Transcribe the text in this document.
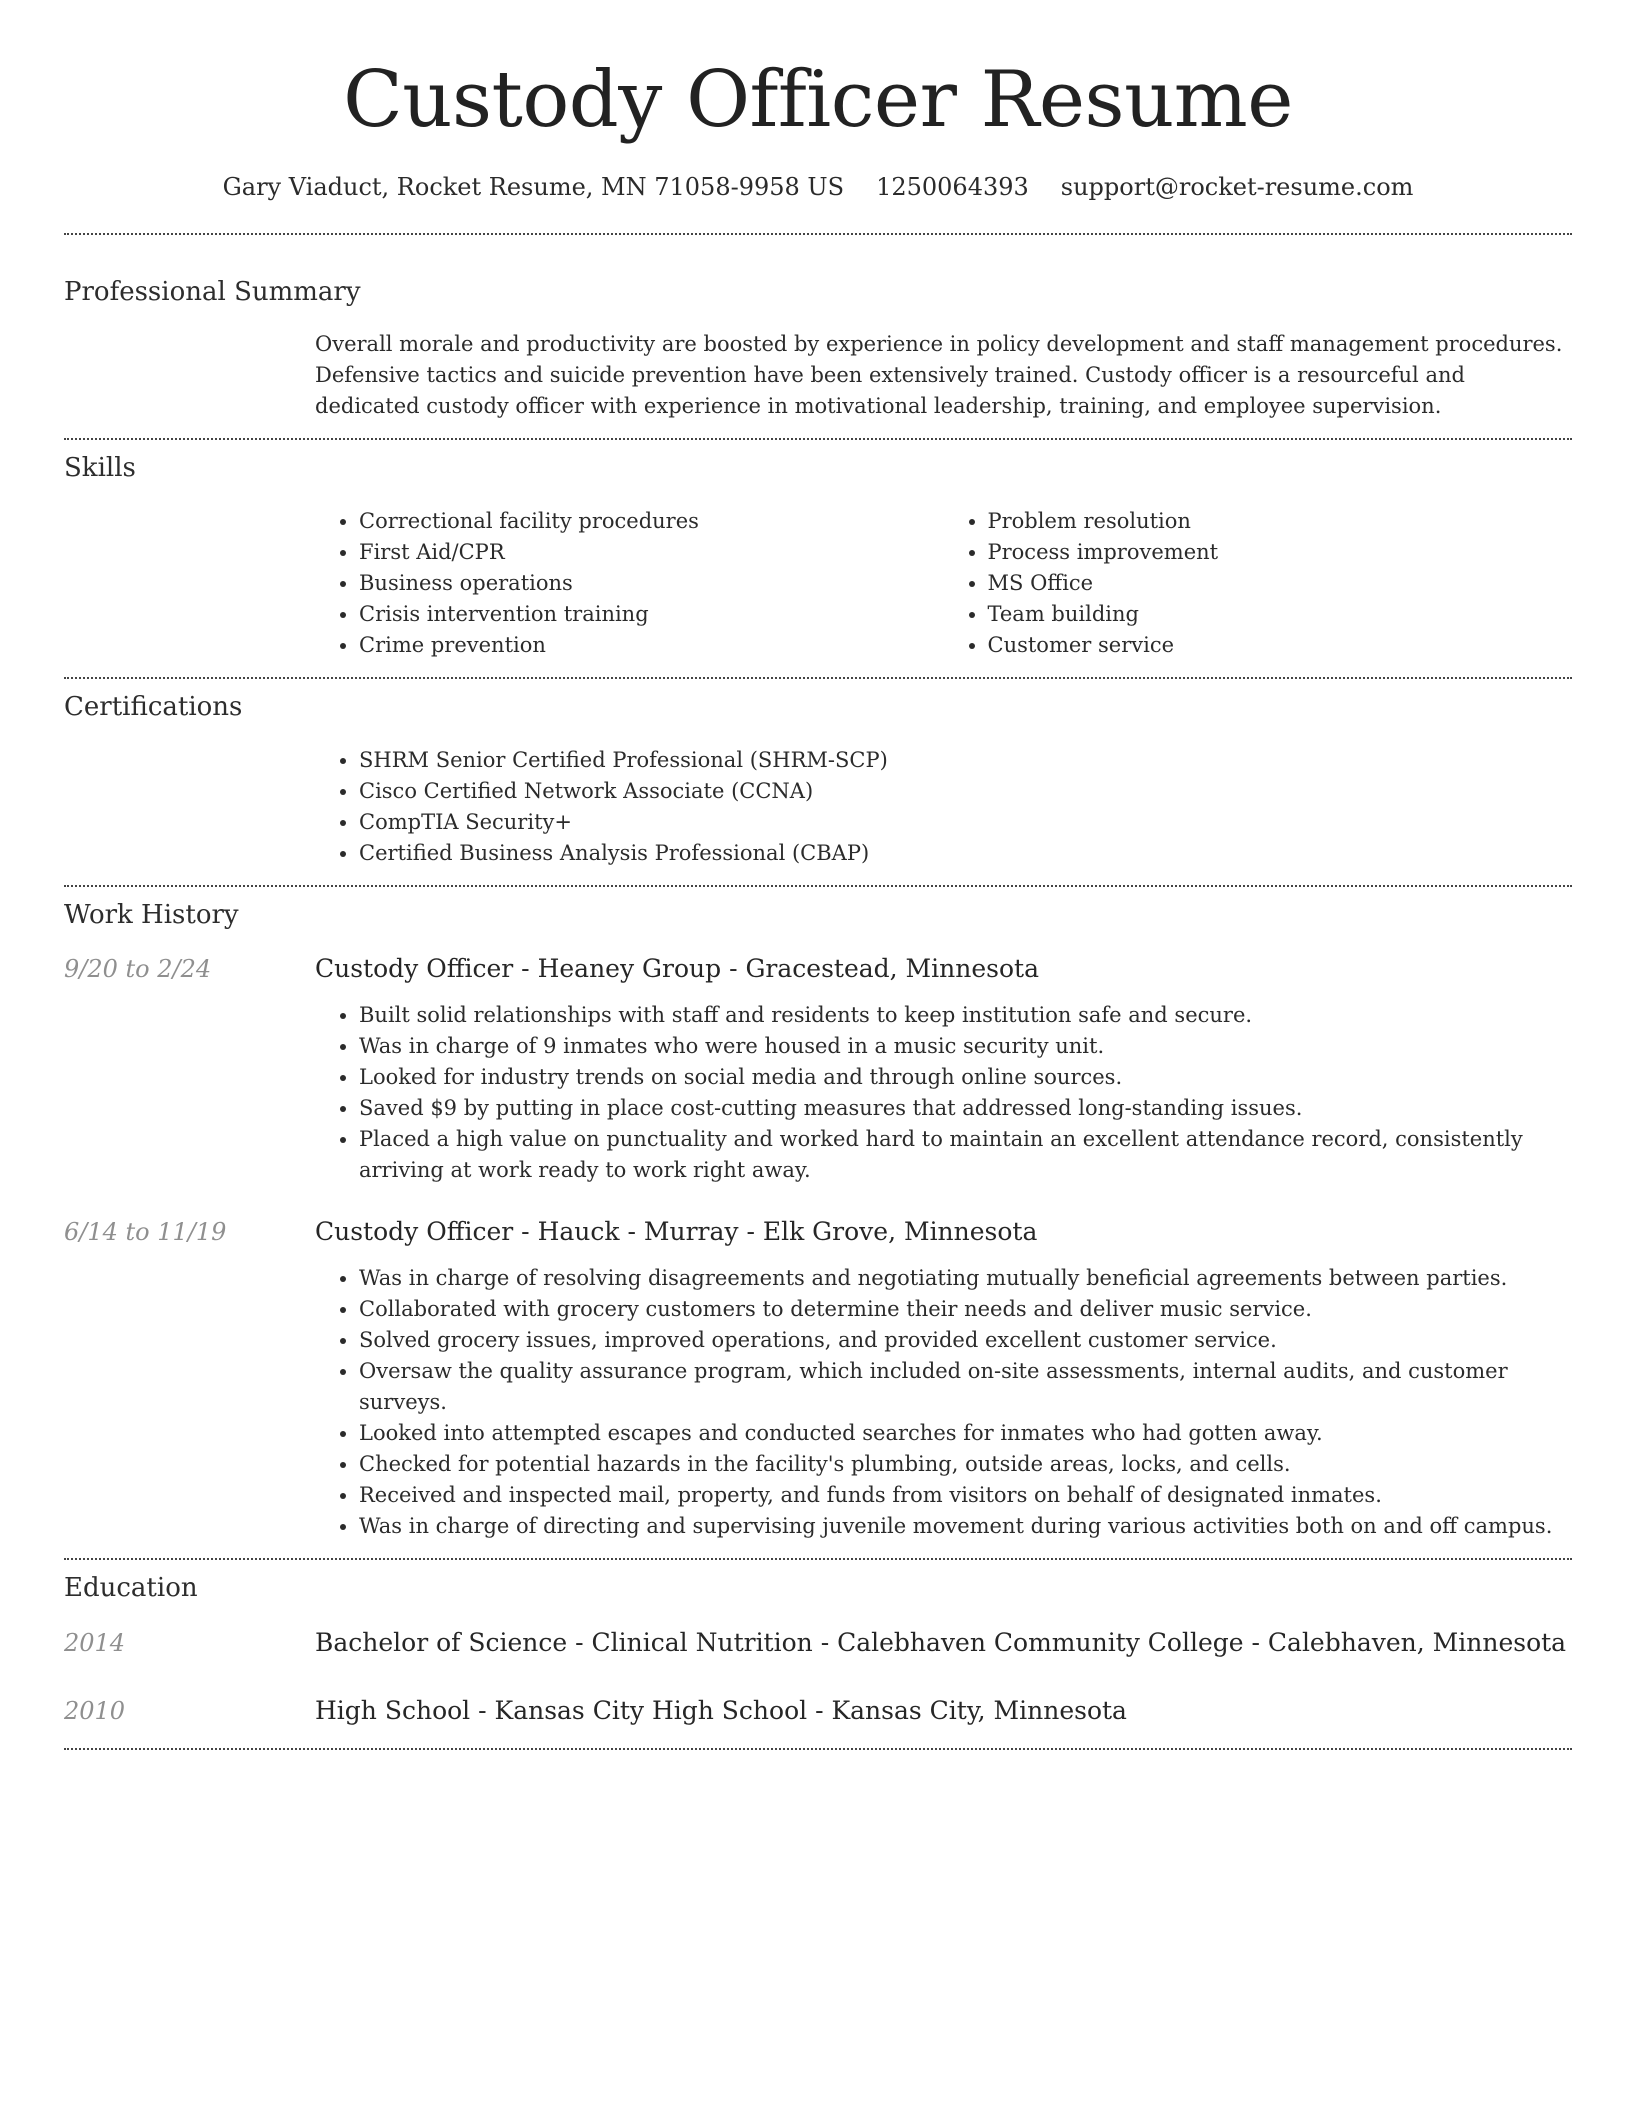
Custody Officer Resume
Gary Viaduct, Rocket Resume, MN 71058-9958 US 1250064393 support@rocket-resume.com
Professional Summary

Overall morale and productivity are boosted by experience in policy development and staff management procedures. Defensive tactics and suicide prevention have been extensively trained. Custody officer is a resourceful and dedicated custody officer with experience in motivational leadership, training, and employee supervision.

Skills
• Correctional facility procedures
• First Aid/CPR
• Business operations
• Crisis intervention training
• Crime prevention
• Problem resolution
• Process improvement
• MS Office
• Team building
• Customer service
Certifications
• SHRM Senior Certified Professional (SHRM-SCP)
• Cisco Certified Network Associate (CCNA)
• CompTIA Security+
• Certified Business Analysis Professional (CBAP)
Work History
9/20 to 2/24	Custody Officer - Heaney Group - Gracestead, Minnesota
• Built solid relationships with staff and residents to keep institution safe and secure.
• Was in charge of 9 inmates who were housed in a music security unit.
• Looked for industry trends on social media and through online sources.
• Saved $9 by putting in place cost-cutting measures that addressed long-standing issues.
• Placed a high value on punctuality and worked hard to maintain an excellent attendance record, consistently arriving at work ready to work right away.
6/14 to 11/19	Custody Officer - Hauck - Murray - Elk Grove, Minnesota
• Was in charge of resolving disagreements and negotiating mutually beneficial agreements between parties.
• Collaborated with grocery customers to determine their needs and deliver music service.
• Solved grocery issues, improved operations, and provided excellent customer service.
• Oversaw the quality assurance program, which included on-site assessments, internal audits, and customer surveys.
• Looked into attempted escapes and conducted searches for inmates who had gotten away.
• Checked for potential hazards in the facility's plumbing, outside areas, locks, and cells.
• Received and inspected mail, property, and funds from visitors on behalf of designated inmates.
• Was in charge of directing and supervising juvenile movement during various activities both on and off campus.
Education
2014	Bachelor of Science - Clinical Nutrition - Calebhaven Community College - Calebhaven, Minnesota
2010	High School - Kansas City High School - Kansas City, Minnesota
